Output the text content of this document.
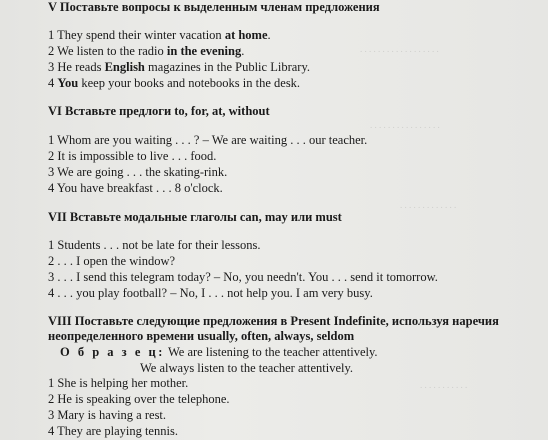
. . . . . . . . . . . . . . . . . .
. . . . . . . . . . . . . . . .
. . . . . . . . . . . . .
. . . . . . . . . . .
V Поставьте вопросы к выделенным членам предложения
1 They spend their winter vacation at home.
2 We listen to the radio in the evening.
3 He reads English magazines in the Public Library.
4 You keep your books and notebooks in the desk.
VI Вставьте предлоги to, for, at, without
1 Whom are you waiting . . . ? – We are waiting . . . our teacher.
2 It is impossible to live . . . food.
3 We are going . . . the skating-rink.
4 You have breakfast . . . 8 o'clock.
VII Вставьте модальные глаголы can, may или must
1 Students . . . not be late for their lessons.
2 . . . I open the window?
3 . . . I send this telegram today? – No, you needn't. You . . . send it tomorrow.
4 . . . you play football? – No, I . . . not help you. I am very busy.
VIII Поставьте следующие предложения в Present Indefinite, используя наречия
неопределенного времени usually, often, always, seldom
О б р а з е ц: We are listening to the teacher attentively.
We always listen to the teacher attentively.
1 She is helping her mother.
2 He is speaking over the telephone.
3 Mary is having a rest.
4 They are playing tennis.
